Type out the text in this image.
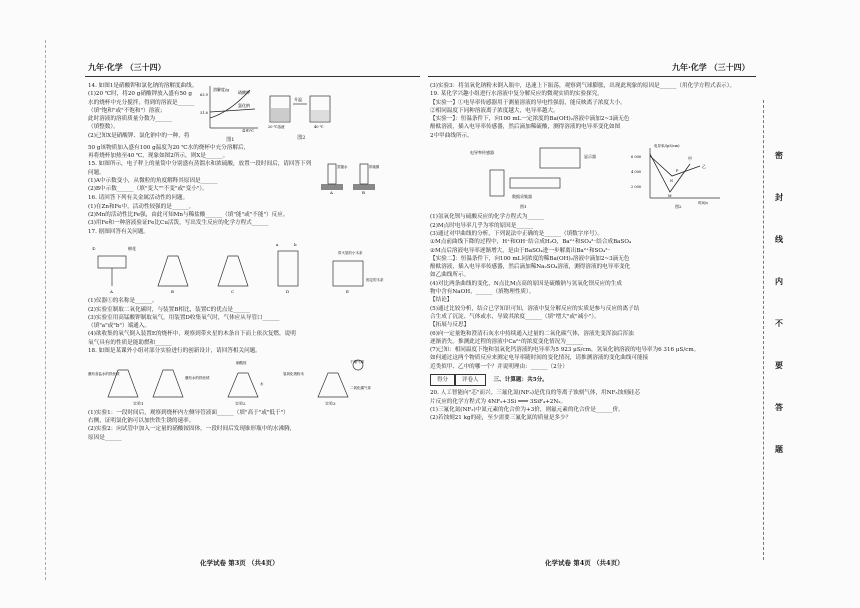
九年·化学 （三十四）	九年·化学 （三十四）

14. 如图1是硝酸钾和氯化钠的溶解度曲线。

(1)20 ℃时，将20 g硝酸钾放入盛有50 g

水的烧杯中充分搅拌，得到的溶液是______

（填"饱和"或"不饱和"）溶液；

此时溶液的溶质质量分数为______

（填整数）。

(2)已知X是硝酸钾、氯化钠中的一种，将

溶解度/g
硝酸钾
氯化钠
63.9
31.6
温度/℃
图1
升温
20 ℃溶液	40 ℃
图2

50 g该物质加入盛有100 g温度为20 ℃水的烧杯中充分溶解后，

再将烧杯加热至40 ℃，现象如图2所示，则X是______。

15. 如图所示，电子秤上的量筒中分别盛有蒸馏水和浓硫酸，放置一段时间后，请回答下列

问题。

(1)A中示数变小，从微粒的角度解释其原因是______

(2)B中示数______（填"变大""不变"或"变小"）。

蒸馏水	浓硫酸
A	B

16. 请回答下列有关金属活动性的问题。

(1)在Zn和Fe中，活动性较强的是______。

(2)Mn的活动性比Fe强，由此可知Mn与稀盐酸______（填"能"或"不能"）反应。

(3)用Fe和一种溶液验证Fe比Cu活泼，写出发生反应的化学方程式______

17. 据图回答有关问题。

棉花
①
a	b
带火星的小木条
A	B	C	D	E
固定的木条

(1)仪器①的名称是______。

(2)实验室制取二氧化碳时，与装置B相比，装置C的优点是______

(3)实验室用高锰酸钾制取氧气，用装置D收集氧气时，气体应从导管口______

（填"a"或"b"）端通入。

(4)欲收集的氧气倒入装置E的烧杯中，观察到带火星的木条自下而上依次复燃，说明

氧气具有的性质是能助燃和______

18. 如图是某课外小组对部分实验进行的创新设计，请回答相关问题。

蘸有食盐水的铁丝绒
蘸有水的铁丝绒
硝酸铵
水
氢氧化钠粉末
干瘪气球
二氧化碳气体
实验1	实验2	实验3

(1)实验1：一段时间后，观察到烧杯内左侧导管液面______（填"高于"或"低于"）

右侧，证明氯化钠可以加快铁生锈的速率。

(2)实验2：向试管中加入一定量的硝酸铵固体，一段时间后发现锥形瓶中的水沸腾，

原因是______

(3)实验3：将氢氧化钠粉末倒入瓶中，迅速上下振荡，观察到气球膨胀，出现此现象的原因是______（用化学方程式表示）。

19. 某化学兴趣小组进行水溶液中复分解反应的微观实质的实验探究。

【实验一】①电导率传感器用于测量溶液的导电性强弱，能反映离子浓度大小。

②相同温度下同种溶液离子浓度越大，电导率越大。

【实验一】：恒温条件下，向100 mL一定浓度的Ba(OH)₂溶液中滴加2~3滴无色

酚酞溶液，插入电导率传感器，然后滴加稀硫酸，测得溶液的电导率变化如图

2中甲曲线所示。

电导率传感器
显示器
数据采集器
图1
电导率/(μS/cm)
6 000
4 000
2 000
甲
乙
M
P
N
时间/s
图2

(1)氢氧化钡与硫酸反应的化学方程式为______

(2)M点时电导率几乎为零的原因是______

(3)通过对甲曲线的分析，下列说法中正确的是______（填数字序号）。

①M点前曲线下降的过程中，H⁺和OH⁻结合成H₂O，Ba²⁺和SO₄²⁻结合成BaSO₄

②M点后溶液电导率逐渐增大，是由于BaSO₄进一步解离出Ba²⁺和SO₄²⁻

【实验二】：恒温条件下，向100 mL同浓度的稀Ba(OH)₂溶液中滴加2~3滴无色

酚酞溶液，插入电导率传感器，然后滴加稀Na₂SO₄溶液，测得溶液的电导率变化

如乙曲线所示。

(4)对比两条曲线的变化，N点比M点高的原因是硫酸钠与氢氧化钡反应的生成

物中含有NaOH，______（填物理性质）。

【结论】

(5)通过比较分析，结合已学知识可知，溶液中复分解反应的实质是参与反应的离子结

合生成了沉淀、气体或水，导致其浓度______（填"增大"或"减小"）。

【拓展与反思】

(6)向一定量饱和澄清石灰水中持续通入过量的二氧化碳气体，溶液先变浑浊后浑浊

逐渐消失。推测此过程的溶液中Ca²⁺的浓度变化情况为______

(7)已知：相同温度下饱和氢氧化钙溶液的电导率为5 923 μS/cm，氢氧化钠溶液的电导率为6 316 μS/cm。

如何通过这两个物质反应来测定电导率随时间的变化情况，请推测溶液的变化曲线可能接

近类似甲、乙中的哪一个？并说明理由：______（2分）

得分	评卷人	三、计算题：共5分。

20. 人工智能向"芯"而兴。三氟化氮(NF₃)是优良的等离子蚀刻气体，用NF₃蚀刻硅芯

片反应的化学方程式为 4NF₃+3Si ═══ 3SiF₄+2N₂。

(1)三氟化氮(NF₃)中氮元素的化合价为+3价，则氟元素的化合价是______价。

(2)若蚀刻21 kg的硅，至少需要三氟化氮的质量是多少？

化学试卷 第3页 （共4页）	化学试卷 第4页 （共4页）
密
封
线
内
不
要
答
题
